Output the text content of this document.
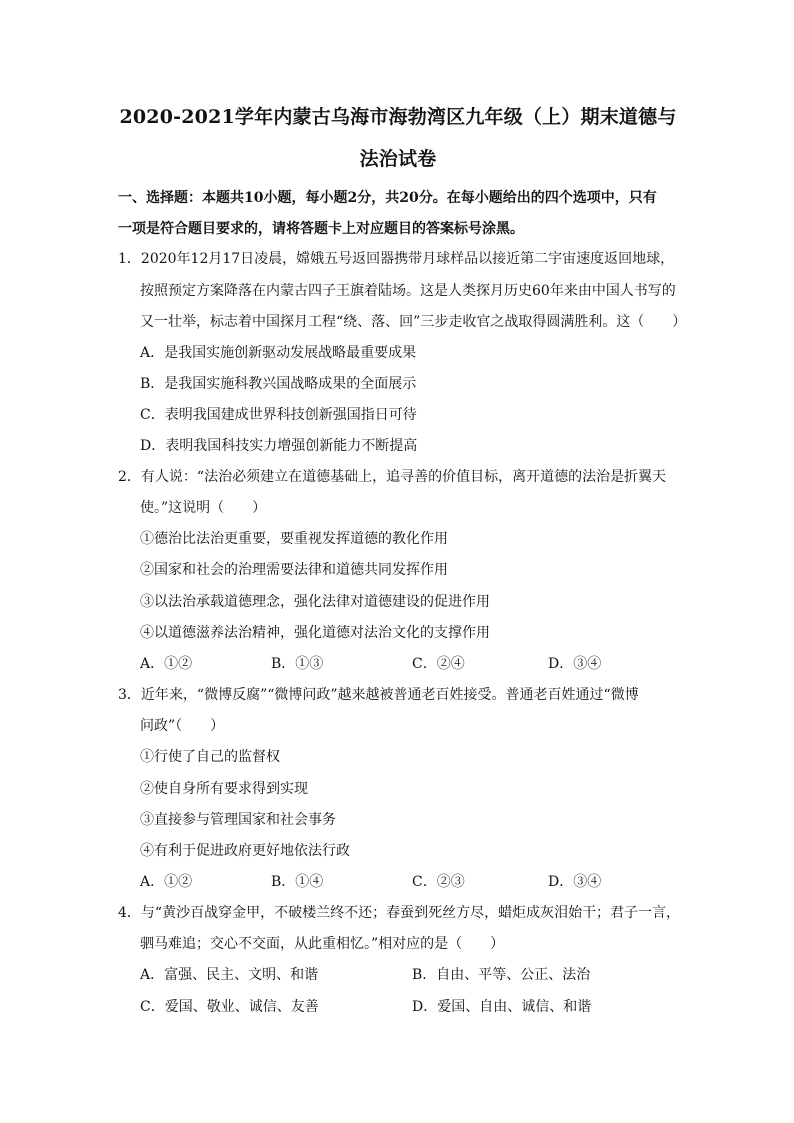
2020-2021学年内蒙古乌海市海勃湾区九年级（上）期末道德与
法治试卷
一、选择题：本题共10小题，每小题2分，共20分。在每小题给出的四个选项中，只有
一项是符合题目要求的，请将答题卡上对应题目的答案标号涂黑。
1．2020年12月17日凌晨，嫦娥五号返回器携带月球样品以接近第二宇宙速度返回地球，
按照预定方案降落在内蒙古四子王旗着陆场。这是人类探月历史60年来由中国人书写的
又一壮举，标志着中国探月工程“绕、落、回”三步走收官之战取得圆满胜利。这（　　）
A．是我国实施创新驱动发展战略最重要成果
B．是我国实施科教兴国战略成果的全面展示
C．表明我国建成世界科技创新强国指日可待
D．表明我国科技实力增强创新能力不断提高
2．有人说：“法治必须建立在道德基础上，追寻善的价值目标，离开道德的法治是折翼天
使。”这说明（　　）
①德治比法治更重要，要重视发挥道德的教化作用
②国家和社会的治理需要法律和道德共同发挥作用
③以法治承载道德理念，强化法律对道德建设的促进作用
④以道德滋养法治精神，强化道德对法治文化的支撑作用
A．①②	B．①③	C．②④	D．③④
3．近年来，“微博反腐”“微博问政”越来越被普通老百姓接受。普通老百姓通过“微博
问政”（　　）
①行使了自己的监督权
②使自身所有要求得到实现
③直接参与管理国家和社会事务
④有利于促进政府更好地依法行政
A．①②	B．①④	C．②③	D．③④
4．与“黄沙百战穿金甲，不破楼兰终不还；春蚕到死丝方尽，蜡炬成灰泪始干；君子一言，
驷马难追；交心不交面，从此重相忆。”相对应的是（　　）
A．富强、民主、文明、和谐	B．自由、平等、公正、法治
C．爱国、敬业、诚信、友善	D．爱国、自由、诚信、和谐
